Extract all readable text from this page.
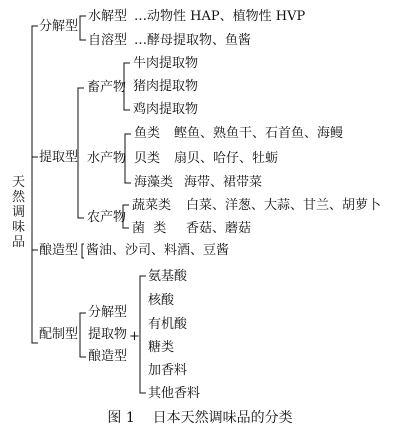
天然调味品
分解型
水解型 …动物性 HAP、植物性 HVP
自溶型 …酵母提取物、鱼酱
提取型
畜产物
牛肉提取物
猪肉提取物
鸡肉提取物
水产物
鱼类 鲣鱼、熟鱼干、石首鱼、海鳗
贝类 扇贝、哈仔、牡蛎
海藻类 海带、裙带菜
农产物
蔬菜类 白菜、洋葱、大蒜、甘兰、胡萝卜
菌  类 香菇、蘑菇
酿造型 酱油、沙司、料酒、豆酱
配制型
分解型
提取物
酿造型
+
氨基酸
核酸
有机酸
糖类
加香料
其他香料
图 1 日本天然调味品的分类
